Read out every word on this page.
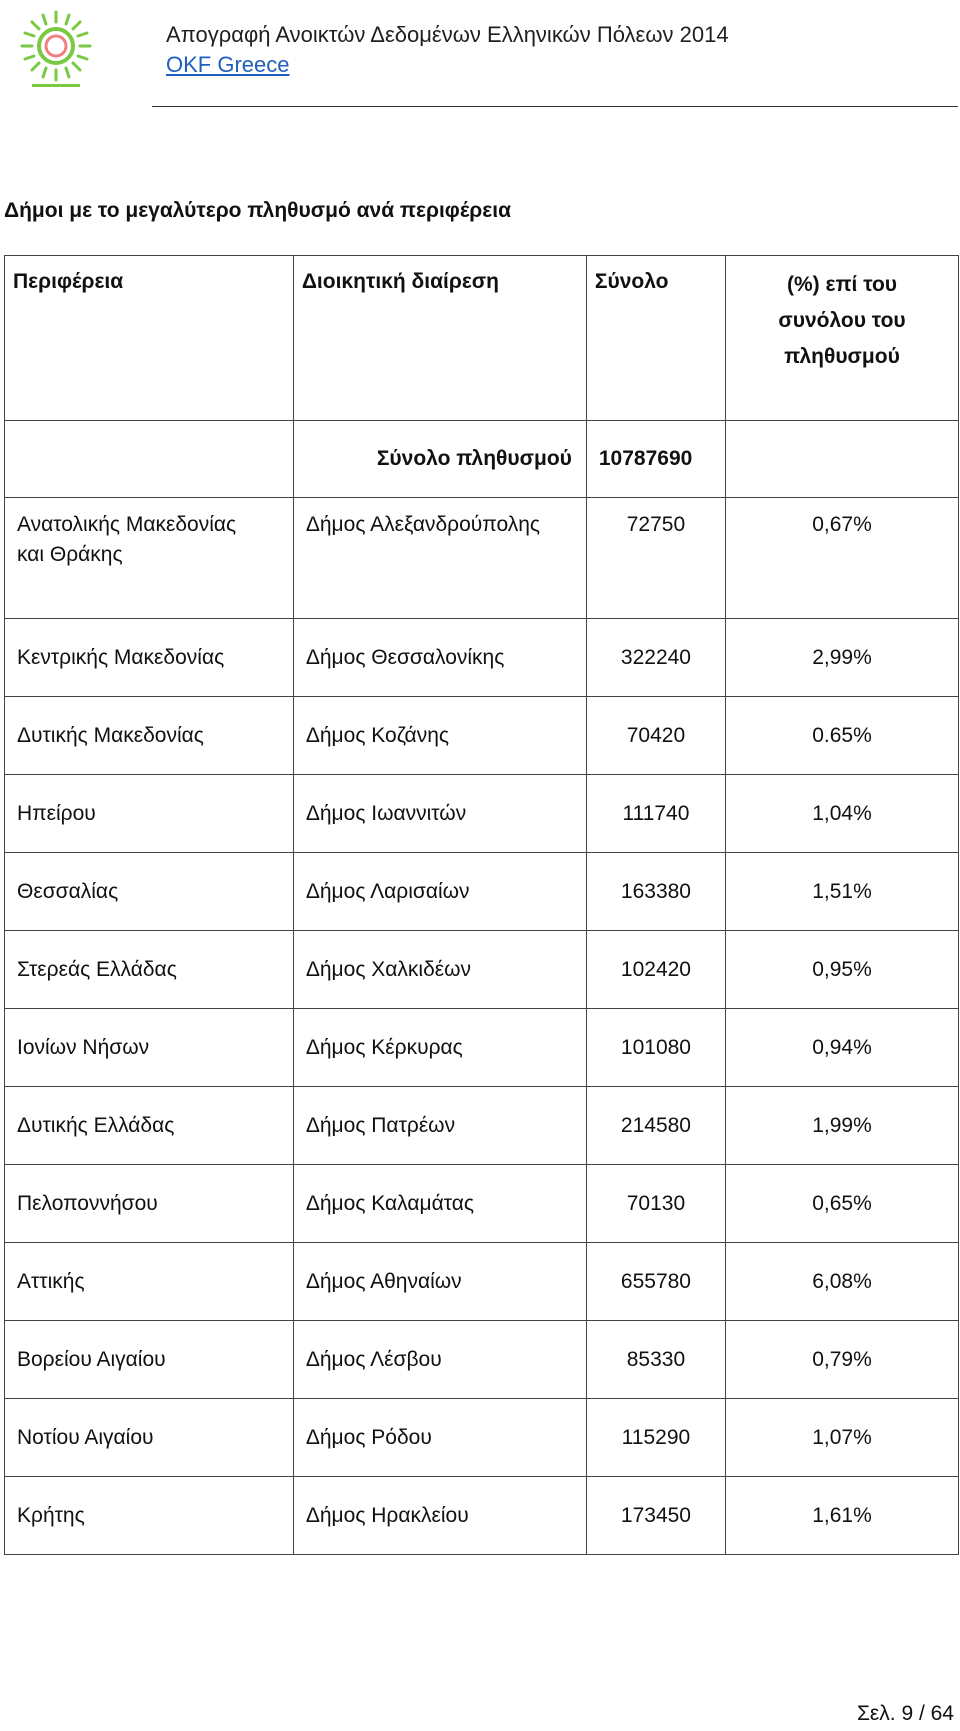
Απογραφή Ανοικτών Δεδομένων Ελληνικών Πόλεων 2014
OKF Greece
Δήμοι με το μεγαλύτερο πληθυσμό ανά περιφέρεια
Περιφέρεια	Διοικητική διαίρεση	Σύνολο	(%) επί του
συνόλου του
πληθυσμού

	Σύνολο πληθυσμού	10787690	

Ανατολικής Μακεδονίας
και Θράκης	Δήμος Αλεξανδρούπολης	72750	0,67%
Κεντρικής Μακεδονίας	Δήμος Θεσσαλονίκης	322240	2,99%
Δυτικής Μακεδονίας	Δήμος Κοζάνης	70420	0.65%
Ηπείρου	Δήμος Ιωαννιτών	111740	1,04%
Θεσσαλίας	Δήμος Λαρισαίων	163380	1,51%
Στερεάς Ελλάδας	Δήμος Χαλκιδέων	102420	0,95%
Ιονίων Νήσων	Δήμος Κέρκυρας	101080	0,94%
Δυτικής Ελλάδας	Δήμος Πατρέων	214580	1,99%
Πελοποννήσου	Δήμος Καλαμάτας	70130	0,65%
Αττικής	Δήμος Αθηναίων	655780	6,08%
Βορείου Αιγαίου	Δήμος Λέσβου	85330	0,79%
Νοτίου Αιγαίου	Δήμος Ρόδου	115290	1,07%
Κρήτης	Δήμος Ηρακλείου	173450	1,61%
Σελ. 9 / 64
